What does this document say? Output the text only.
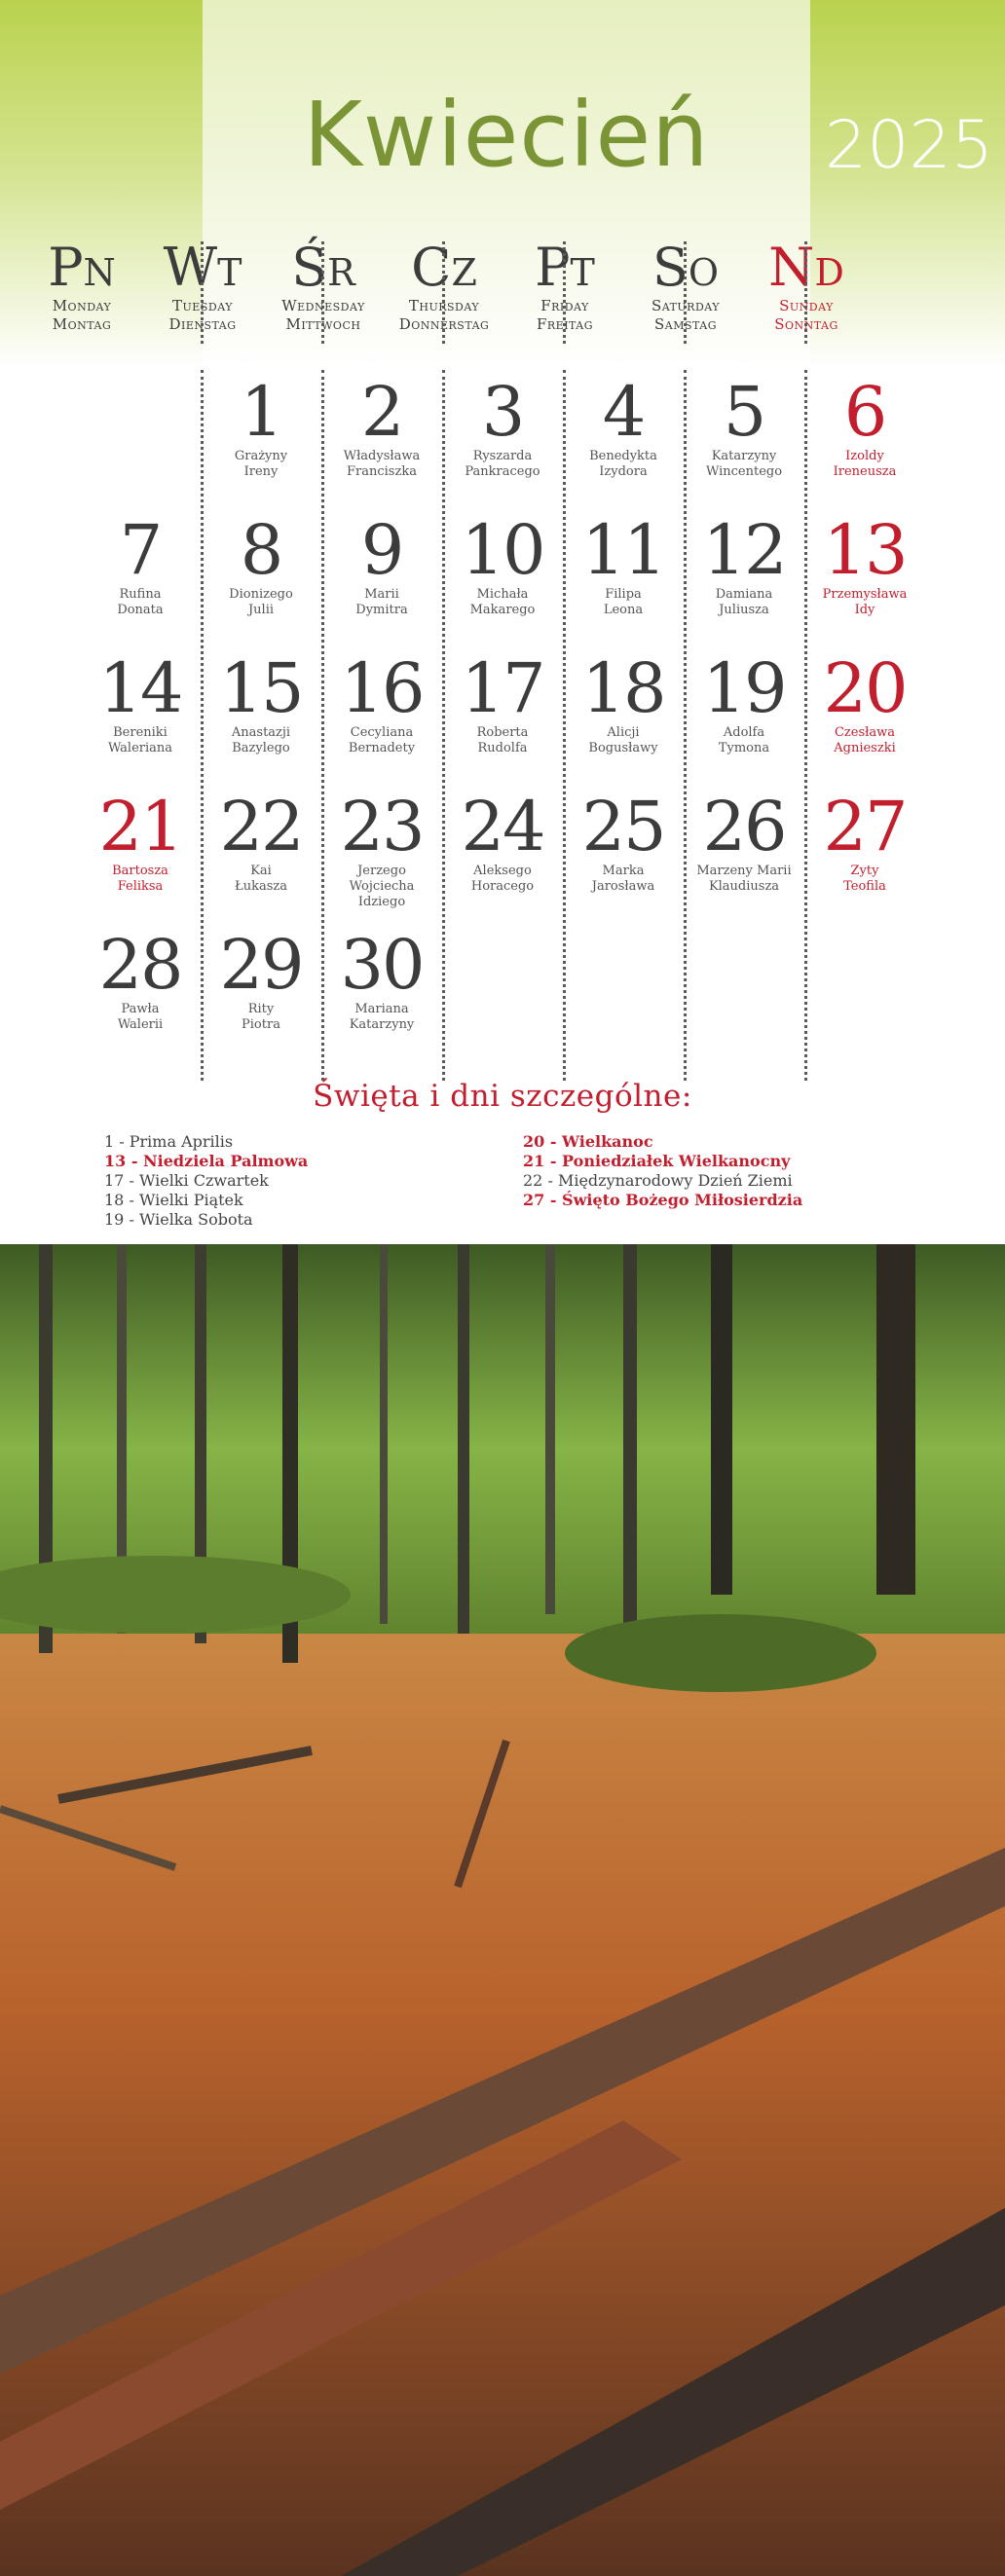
Kwiecień	2025
Pn
Monday
Montag
Wt
Tuesday
Dienstag
Śr
Wednesday
Mittwoch
Cz
Thursday
Donnerstag
Pt
Friday
Freitag
So
Saturday
Samstag
Nd
Sunday
Sonntag
1
Grażyny
Ireny
2
Władysława
Franciszka
3
Ryszarda
Pankracego
4
Benedykta
Izydora
5
Katarzyny
Wincentego
6
Izoldy
Ireneusza
7
Rufina
Donata
8
Dionizego
Julii
9
Marii
Dymitra
10
Michała
Makarego
11
Filipa
Leona
12
Damiana
Juliusza
13
Przemysława
Idy
14
Bereniki
Waleriana
15
Anastazji
Bazylego
16
Cecyliana
Bernadety
17
Roberta
Rudolfa
18
Alicji
Bogusławy
19
Adolfa
Tymona
20
Czesława
Agnieszki
21
Bartosza
Feliksa
22
Kai
Łukasza
23
Jerzego
Wojciecha
Idziego
24
Aleksego
Horacego
25
Marka
Jarosława
26
Marzeny Marii
Klaudiusza
27
Zyty
Teofila
28
Pawła
Walerii
29
Rity
Piotra
30
Mariana
Katarzyny
Święta i dni szczególne:
1 - Prima Aprilis
13 - Niedziela Palmowa
17 - Wielki Czwartek
18 - Wielki Piątek
19 - Wielka Sobota
20 - Wielkanoc
21 - Poniedziałek Wielkanocny
22 - Międzynarodowy Dzień Ziemi
27 - Święto Bożego Miłosierdzia
